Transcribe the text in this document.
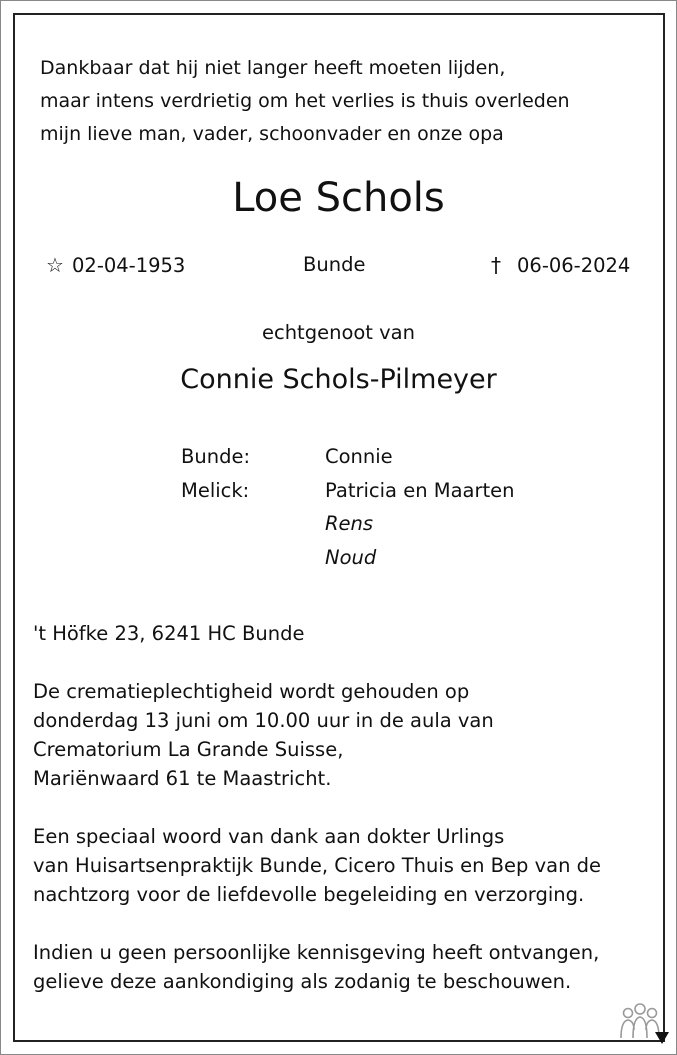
Dankbaar dat hij niet langer heeft moeten lijden,
maar intens verdrietig om het verlies is thuis overleden
mijn lieve man, vader, schoonvader en onze opa
Loe Schols
☆ 02-04-1953	Bunde	† 06-06-2024
echtgenoot van
Connie Schols-Pilmeyer
Bunde:	Connie
Melick:	Patricia en Maarten
Rens
Noud
't Höfke 23, 6241 HC Bunde
De crematieplechtigheid wordt gehouden op
donderdag 13 juni om 10.00 uur in de aula van
Crematorium La Grande Suisse,
Mariënwaard 61 te Maastricht.
Een speciaal woord van dank aan dokter Urlings
van Huisartsenpraktijk Bunde, Cicero Thuis en Bep van de
nachtzorg voor de liefdevolle begeleiding en verzorging.
Indien u geen persoonlijke kennisgeving heeft ontvangen,
gelieve deze aankondiging als zodanig te beschouwen.
